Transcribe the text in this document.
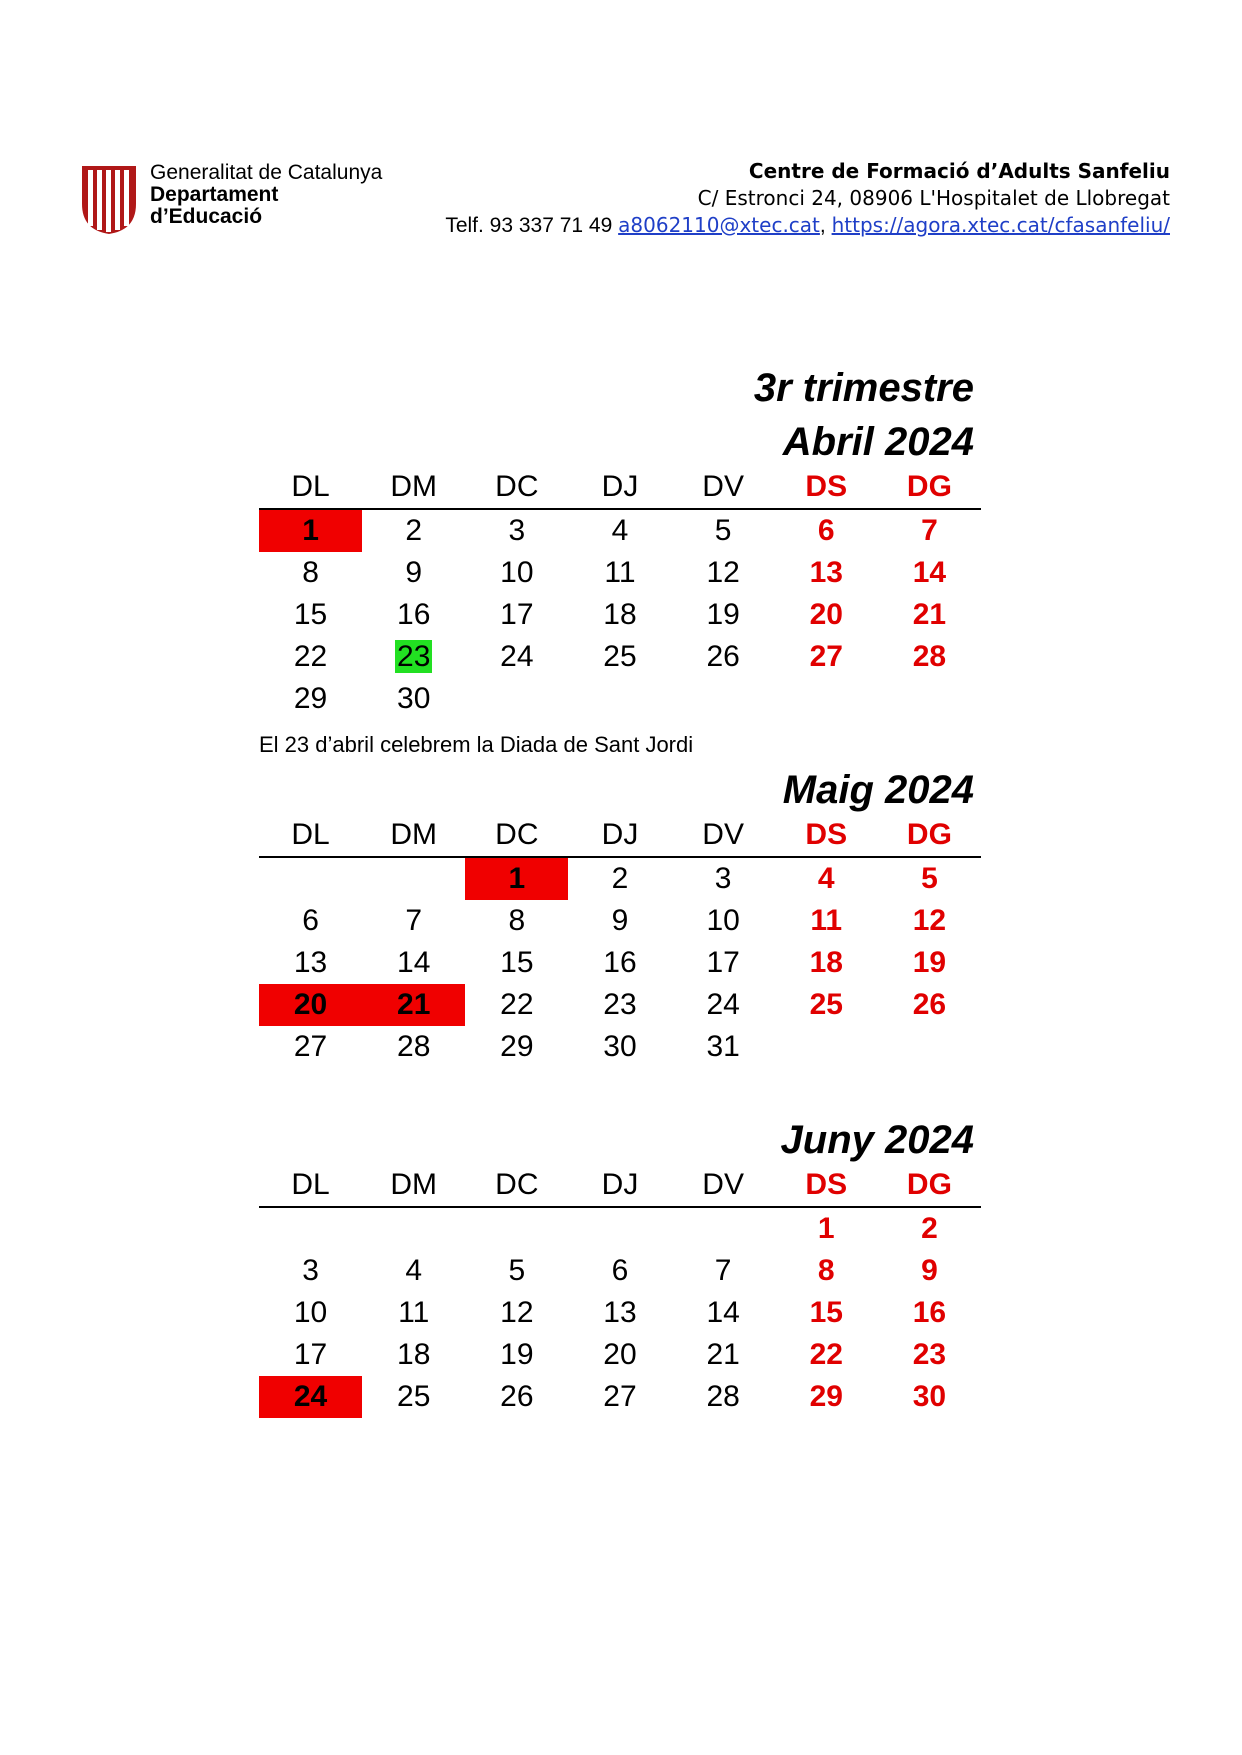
Generalitat de Catalunya
Departament
d’Educació
Centre de Formació d’Adults Sanfeliu
C/ Estronci 24, 08906 L'Hospitalet de Llobregat
Telf. 93 337 71 49 a8062110@xtec.cat, https://agora.xtec.cat/cfasanfeliu/
3r trimestre
Abril 2024
DL	DM	DC	DJ	DV	DS	DG
1	2	3	4	5	6	7
8	9	10	11	12	13	14
15	16	17	18	19	20	21
22	23	24	25	26	27	28
29	30					
El 23 d’abril celebrem la Diada de Sant Jordi
Maig 2024
DL	DM	DC	DJ	DV	DS	DG
		1	2	3	4	5
6	7	8	9	10	11	12
13	14	15	16	17	18	19
20	21	22	23	24	25	26
27	28	29	30	31		
Juny 2024
DL	DM	DC	DJ	DV	DS	DG
					1	2
3	4	5	6	7	8	9
10	11	12	13	14	15	16
17	18	19	20	21	22	23
24	25	26	27	28	29	30
